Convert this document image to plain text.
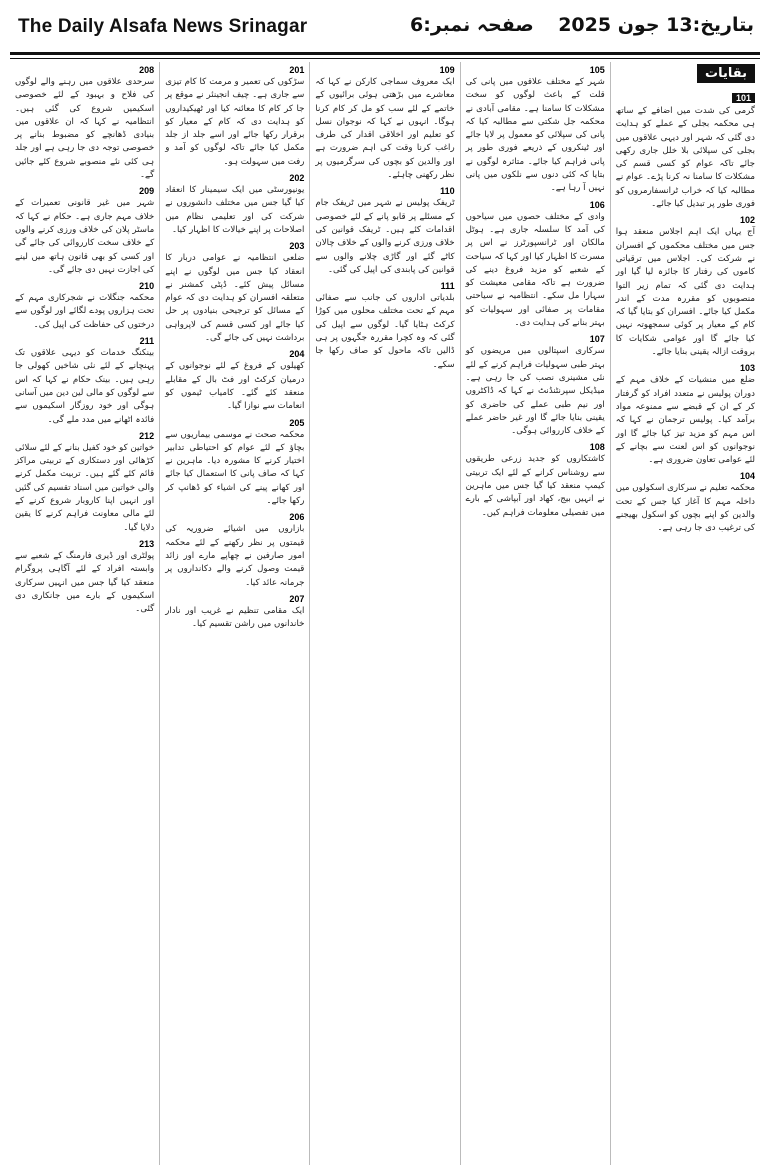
The Daily Alsafa News Srinagar	صفحہ نمبر:6 بتاریخ:13 جون 2025
بقایات
101
گرمی کی شدت میں اضافے کے ساتھ ہی محکمہ بجلی کے عملے کو ہدایت دی گئی کہ شہر اور دیہی علاقوں میں بجلی کی سپلائی بلا خلل جاری رکھی جائے تاکہ عوام کو کسی قسم کی مشکلات کا سامنا نہ کرنا پڑے۔ عوام نے مطالبہ کیا کہ خراب ٹرانسفارمروں کو فوری طور پر تبدیل کیا جائے۔
102
آج یہاں ایک اہم اجلاس منعقد ہوا جس میں مختلف محکموں کے افسران نے شرکت کی۔ اجلاس میں ترقیاتی کاموں کی رفتار کا جائزہ لیا گیا اور ہدایت دی گئی کہ تمام زیر التوا منصوبوں کو مقررہ مدت کے اندر مکمل کیا جائے۔ افسران کو بتایا گیا کہ کام کے معیار پر کوئی سمجھوتہ نہیں کیا جائے گا اور عوامی شکایات کا بروقت ازالہ یقینی بنایا جائے۔
103
ضلع میں منشیات کے خلاف مہم کے دوران پولیس نے متعدد افراد کو گرفتار کر کے ان کے قبضے سے ممنوعہ مواد برآمد کیا۔ پولیس ترجمان نے کہا کہ اس مہم کو مزید تیز کیا جائے گا اور نوجوانوں کو اس لعنت سے بچانے کے لئے عوامی تعاون ضروری ہے۔
104
محکمہ تعلیم نے سرکاری اسکولوں میں داخلہ مہم کا آغاز کیا جس کے تحت والدین کو اپنے بچوں کو اسکول بھیجنے کی ترغیب دی جا رہی ہے۔
105
شہر کے مختلف علاقوں میں پانی کی قلت کے باعث لوگوں کو سخت مشکلات کا سامنا ہے۔ مقامی آبادی نے محکمہ جل شکتی سے مطالبہ کیا کہ پانی کی سپلائی کو معمول پر لایا جائے اور ٹینکروں کے ذریعے فوری طور پر پانی فراہم کیا جائے۔ متاثرہ لوگوں نے بتایا کہ کئی دنوں سے نلکوں میں پانی نہیں آ رہا ہے۔
106
وادی کے مختلف حصوں میں سیاحوں کی آمد کا سلسلہ جاری ہے۔ ہوٹل مالکان اور ٹرانسپورٹرز نے اس پر مسرت کا اظہار کیا اور کہا کہ سیاحت کے شعبے کو مزید فروغ دینے کی ضرورت ہے تاکہ مقامی معیشت کو سہارا مل سکے۔ انتظامیہ نے سیاحتی مقامات پر صفائی اور سہولیات کو بہتر بنانے کی ہدایت دی۔
107
سرکاری اسپتالوں میں مریضوں کو بہتر طبی سہولیات فراہم کرنے کے لئے نئی مشینری نصب کی جا رہی ہے۔ میڈیکل سپرنٹنڈنٹ نے کہا کہ ڈاکٹروں اور نیم طبی عملے کی حاضری کو یقینی بنایا جائے گا اور غیر حاضر عملے کے خلاف کارروائی ہوگی۔
108
کاشتکاروں کو جدید زرعی طریقوں سے روشناس کرانے کے لئے ایک تربیتی کیمپ منعقد کیا گیا جس میں ماہرین نے انہیں بیج، کھاد اور آبپاشی کے بارے میں تفصیلی معلومات فراہم کیں۔
109
ایک معروف سماجی کارکن نے کہا کہ معاشرے میں بڑھتی ہوئی برائیوں کے خاتمے کے لئے سب کو مل کر کام کرنا ہوگا۔ انہوں نے کہا کہ نوجوان نسل کو تعلیم اور اخلاقی اقدار کی طرف راغب کرنا وقت کی اہم ضرورت ہے اور والدین کو بچوں کی سرگرمیوں پر نظر رکھنی چاہئے۔
110
ٹریفک پولیس نے شہر میں ٹریفک جام کے مسئلے پر قابو پانے کے لئے خصوصی اقدامات کئے ہیں۔ ٹریفک قوانین کی خلاف ورزی کرنے والوں کے خلاف چالان کاٹے گئے اور گاڑی چلانے والوں سے قوانین کی پابندی کی اپیل کی گئی۔
111
بلدیاتی اداروں کی جانب سے صفائی مہم کے تحت مختلف محلوں میں کوڑا کرکٹ ہٹایا گیا۔ لوگوں سے اپیل کی گئی کہ وہ کچرا مقررہ جگہوں پر ہی ڈالیں تاکہ ماحول کو صاف رکھا جا سکے۔
201
سڑکوں کی تعمیر و مرمت کا کام تیزی سے جاری ہے۔ چیف انجینئر نے موقع پر جا کر کام کا معائنہ کیا اور ٹھیکیداروں کو ہدایت دی کہ کام کے معیار کو برقرار رکھا جائے اور اسے جلد از جلد مکمل کیا جائے تاکہ لوگوں کو آمد و رفت میں سہولت ہو۔
202
یونیورسٹی میں ایک سیمینار کا انعقاد کیا گیا جس میں مختلف دانشوروں نے شرکت کی اور تعلیمی نظام میں اصلاحات پر اپنے خیالات کا اظہار کیا۔
203
ضلعی انتظامیہ نے عوامی دربار کا انعقاد کیا جس میں لوگوں نے اپنے مسائل پیش کئے۔ ڈپٹی کمشنر نے متعلقہ افسران کو ہدایت دی کہ عوام کے مسائل کو ترجیحی بنیادوں پر حل کیا جائے اور کسی قسم کی لاپرواہی برداشت نہیں کی جائے گی۔
204
کھیلوں کے فروغ کے لئے نوجوانوں کے درمیان کرکٹ اور فٹ بال کے مقابلے منعقد کئے گئے۔ کامیاب ٹیموں کو انعامات سے نوازا گیا۔
205
محکمہ صحت نے موسمی بیماریوں سے بچاؤ کے لئے عوام کو احتیاطی تدابیر اختیار کرنے کا مشورہ دیا۔ ماہرین نے کہا کہ صاف پانی کا استعمال کیا جائے اور کھانے پینے کی اشیاء کو ڈھانپ کر رکھا جائے۔
206
بازاروں میں اشیائے ضروریہ کی قیمتوں پر نظر رکھنے کے لئے محکمہ امور صارفین نے چھاپے مارے اور زائد قیمت وصول کرنے والے دکانداروں پر جرمانہ عائد کیا۔
207
ایک مقامی تنظیم نے غریب اور نادار خاندانوں میں راشن تقسیم کیا۔
208
سرحدی علاقوں میں رہنے والے لوگوں کی فلاح و بہبود کے لئے خصوصی اسکیمیں شروع کی گئی ہیں۔ انتظامیہ نے کہا کہ ان علاقوں میں بنیادی ڈھانچے کو مضبوط بنانے پر خصوصی توجہ دی جا رہی ہے اور جلد ہی کئی نئے منصوبے شروع کئے جائیں گے۔
209
شہر میں غیر قانونی تعمیرات کے خلاف مہم جاری ہے۔ حکام نے کہا کہ ماسٹر پلان کی خلاف ورزی کرنے والوں کے خلاف سخت کارروائی کی جائے گی اور کسی کو بھی قانون ہاتھ میں لینے کی اجازت نہیں دی جائے گی۔
210
محکمہ جنگلات نے شجرکاری مہم کے تحت ہزاروں پودے لگائے اور لوگوں سے درختوں کی حفاظت کی اپیل کی۔
211
بینکنگ خدمات کو دیہی علاقوں تک پہنچانے کے لئے نئی شاخیں کھولی جا رہی ہیں۔ بینک حکام نے کہا کہ اس سے لوگوں کو مالی لین دین میں آسانی ہوگی اور خود روزگار اسکیموں سے فائدہ اٹھانے میں مدد ملے گی۔
212
خواتین کو خود کفیل بنانے کے لئے سلائی کڑھائی اور دستکاری کے تربیتی مراکز قائم کئے گئے ہیں۔ تربیت مکمل کرنے والی خواتین میں اسناد تقسیم کی گئیں اور انہیں اپنا کاروبار شروع کرنے کے لئے مالی معاونت فراہم کرنے کا یقین دلایا گیا۔
213
پولٹری اور ڈیری فارمنگ کے شعبے سے وابستہ افراد کے لئے آگاہی پروگرام منعقد کیا گیا جس میں انہیں سرکاری اسکیموں کے بارے میں جانکاری دی گئی۔
